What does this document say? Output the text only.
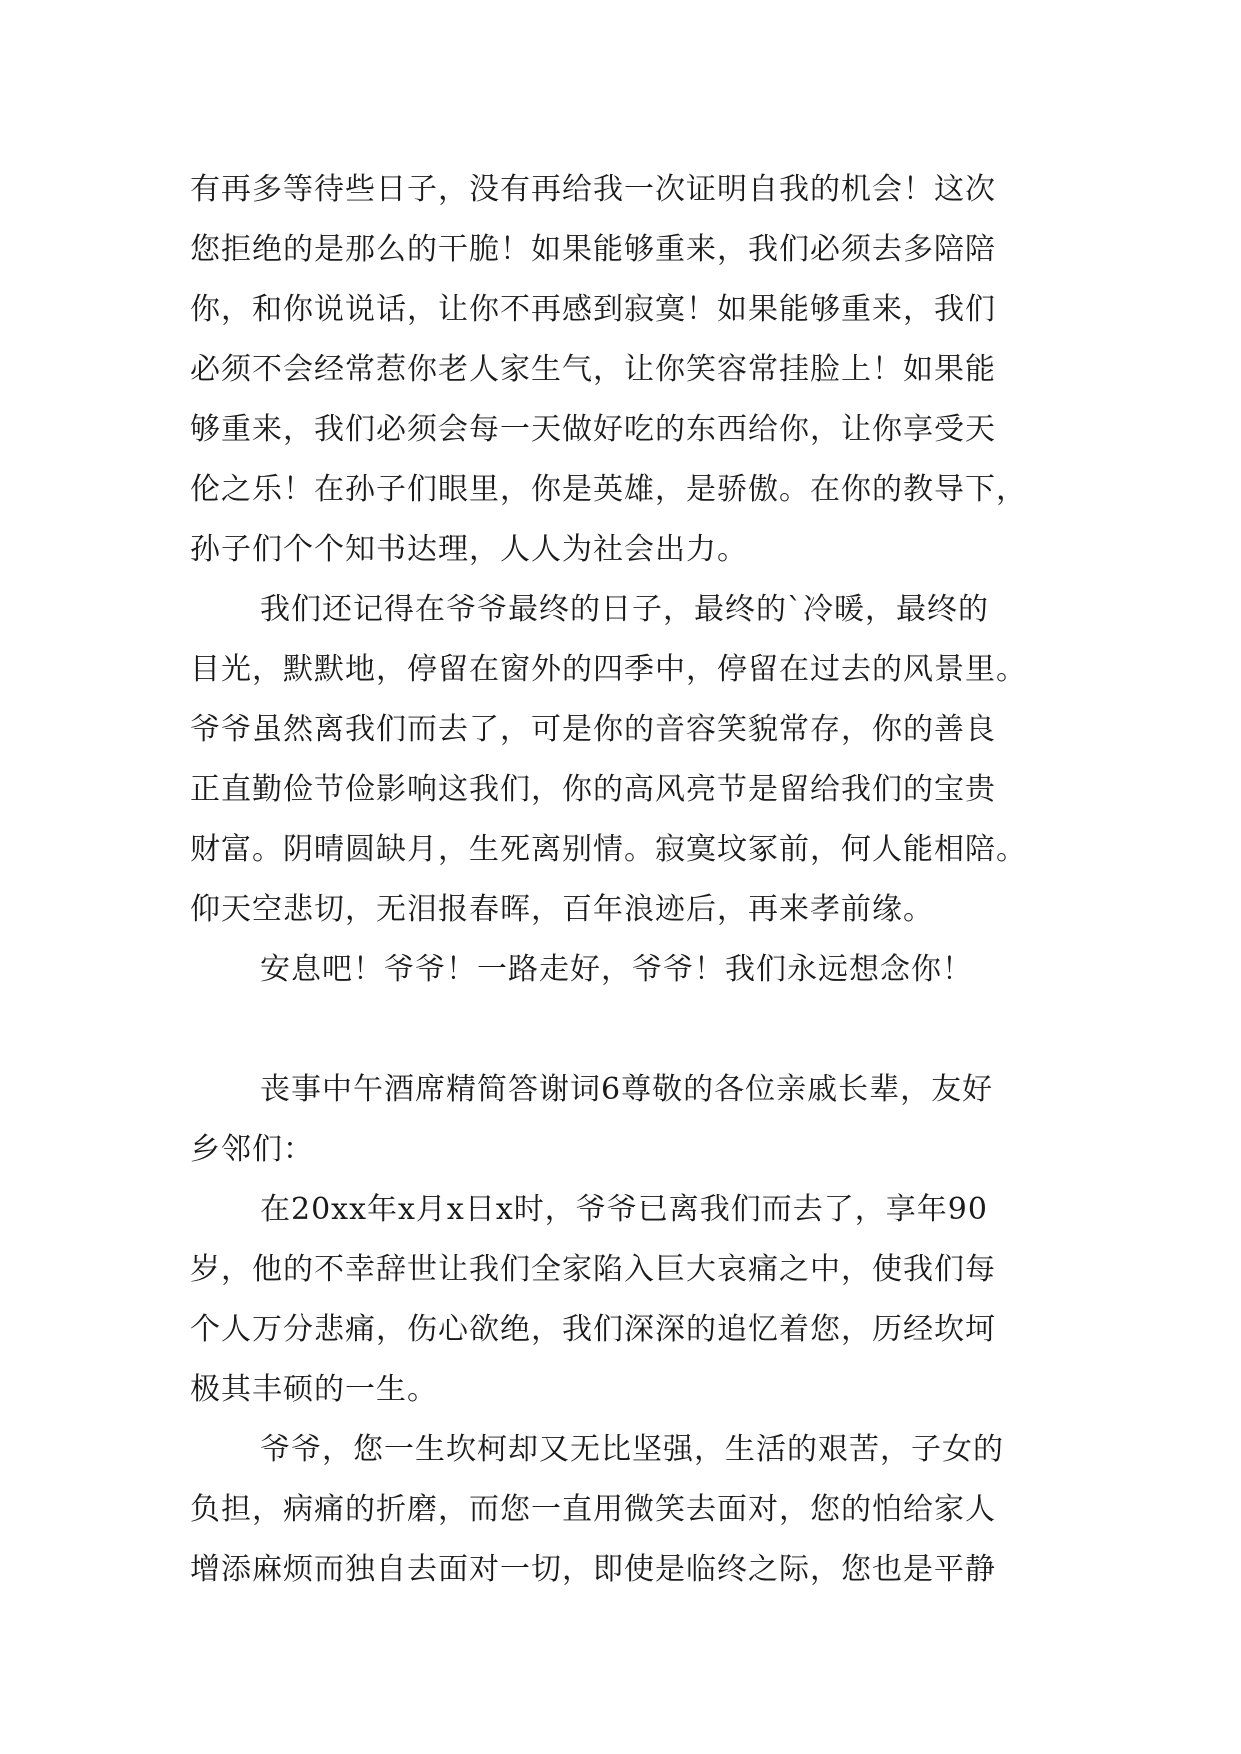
有再多等待些日子，没有再给我一次证明自我的机会！这次
您拒绝的是那么的干脆！如果能够重来，我们必须去多陪陪
你，和你说说话，让你不再感到寂寞！如果能够重来，我们
必须不会经常惹你老人家生气，让你笑容常挂脸上！如果能
够重来，我们必须会每一天做好吃的东西给你，让你享受天
伦之乐！在孙子们眼里，你是英雄，是骄傲。在你的教导下，
孙子们个个知书达理，人人为社会出力。
我们还记得在爷爷最终的日子，最终的`冷暖，最终的
目光，默默地，停留在窗外的四季中，停留在过去的风景里。
爷爷虽然离我们而去了，可是你的音容笑貌常存，你的善良
正直勤俭节俭影响这我们，你的高风亮节是留给我们的宝贵
财富。阴晴圆缺月，生死离别情。寂寞坟冢前，何人能相陪。
仰天空悲切，无泪报春晖，百年浪迹后，再来孝前缘。
安息吧！爷爷！一路走好，爷爷！我们永远想念你！
丧事中午酒席精简答谢词6尊敬的各位亲戚长辈，友好
乡邻们：
在20xx年x月x日x时，爷爷已离我们而去了，享年90
岁，他的不幸辞世让我们全家陷入巨大哀痛之中，使我们每
个人万分悲痛，伤心欲绝，我们深深的追忆着您，历经坎坷
极其丰硕的一生。
爷爷，您一生坎柯却又无比坚强，生活的艰苦，子女的
负担，病痛的折磨，而您一直用微笑去面对，您的怕给家人
增添麻烦而独自去面对一切，即使是临终之际，您也是平静
